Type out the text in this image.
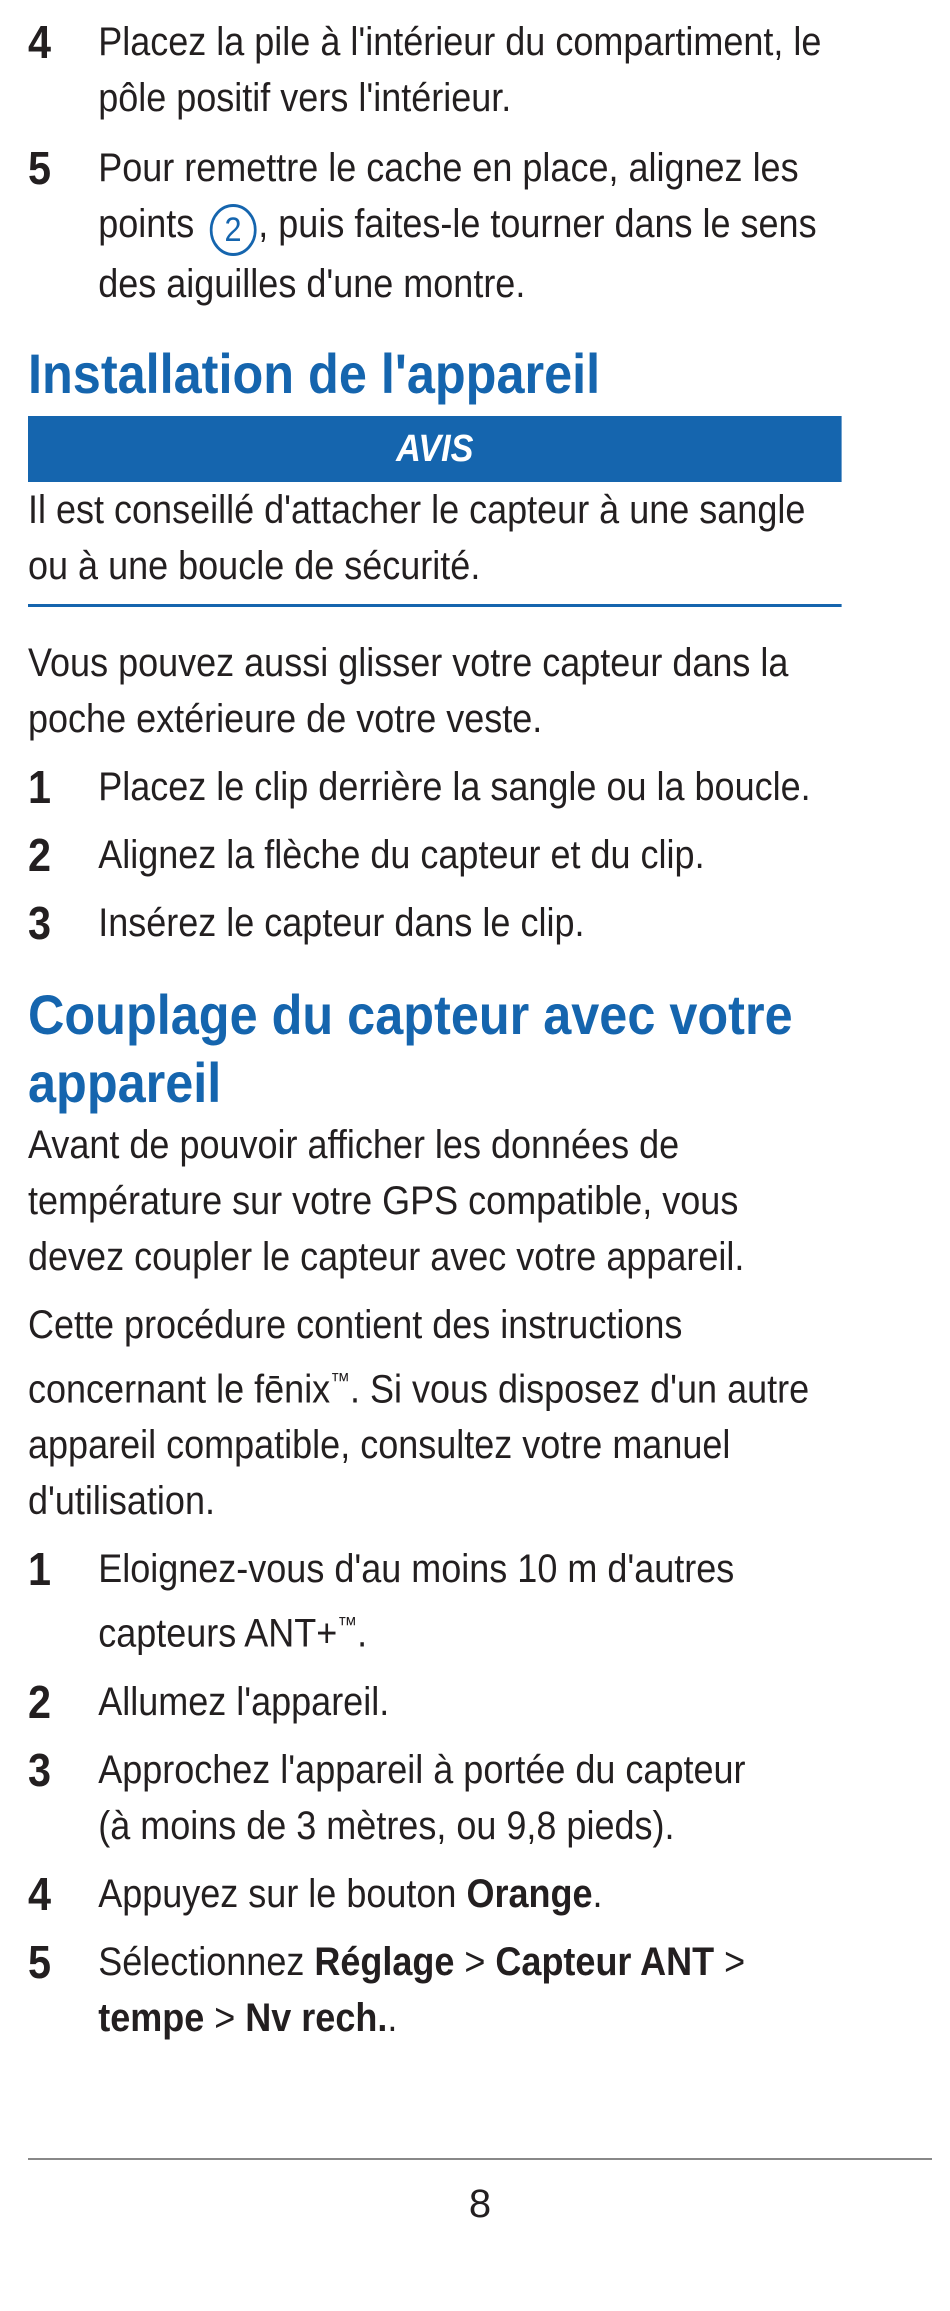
4 Placez la pile à l'intérieur du compartiment, le
pôle positif vers l'intérieur.
5 Pour remettre le cache en place, alignez les
points 2 , puis faites-le tourner dans le sens
des aiguilles d'une montre.
Installation de l'appareil
AVIS
Il est conseillé d'attacher le capteur à une sangle
ou à une boucle de sécurité.
Vous pouvez aussi glisser votre capteur dans la
poche extérieure de votre veste.
1 Placez le clip derrière la sangle ou la boucle.
2 Alignez la flèche du capteur et du clip.
3 Insérez le capteur dans le clip.
Couplage du capteur avec votre
appareil
Avant de pouvoir afficher les données de
température sur votre GPS compatible, vous
devez coupler le capteur avec votre appareil.
Cette procédure contient des instructions
concernant le fēnix™. Si vous disposez d'un autre
appareil compatible, consultez votre manuel
d'utilisation.
1 Eloignez-vous d'au moins 10 m d'autres
capteurs ANT+™.
2 Allumez l'appareil.
3 Approchez l'appareil à portée du capteur
(à moins de 3 mètres, ou 9,8 pieds).
4 Appuyez sur le bouton Orange.
5 Sélectionnez Réglage > Capteur ANT >
tempe > Nv rech..
8
